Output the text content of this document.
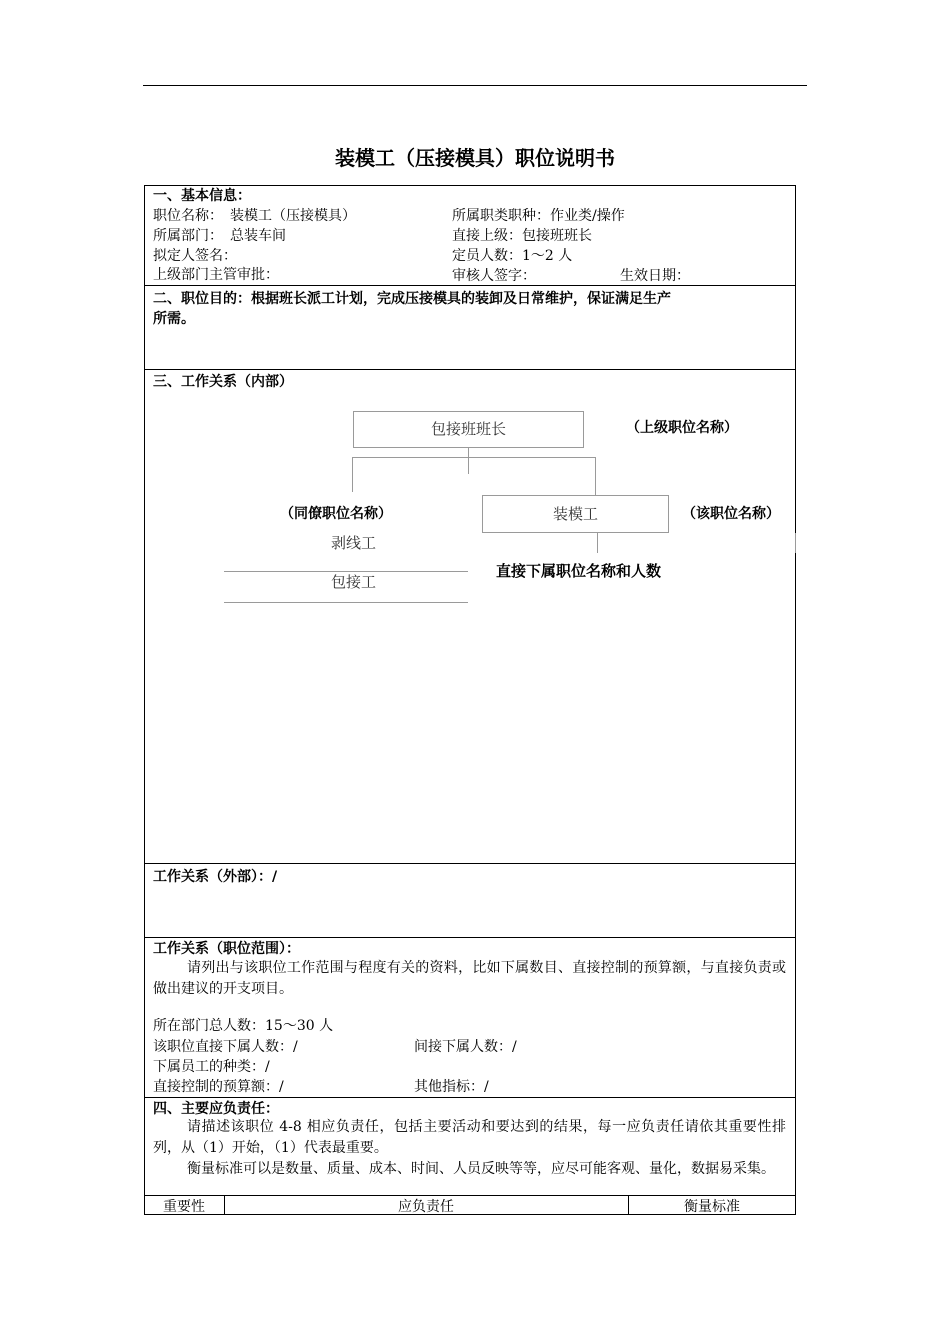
装模工（压接模具）职位说明书
一、基本信息：
职位名称：　装模工（压接模具）	所属职类职种：作业类/操作
所属部门：　总装车间	直接上级：包接班班长
拟定人签名：	定员人数：1～2 人
上级部门主管审批：	审核人签字：	生效日期：
二、职位目的：根据班长派工计划，完成压接模具的装卸及日常维护，保证满足生产
所需。
三、工作关系（内部）
包接班班长	（上级职位名称）
（同僚职位名称）	装模工	（该职位名称）
剥线工
包接工
直接下属职位名称和人数
工作关系（外部）：/
工作关系（职位范围）：
请列出与该职位工作范围与程度有关的资料，比如下属数目、直接控制的预算额，与直接负责或做出建议的开支项目。
所在部门总人数：15～30 人
该职位直接下属人数：/	间接下属人数：/
下属员工的种类：/
直接控制的预算额：/	其他指标：/
四、主要应负责任：
请描述该职位 4-8 相应负责任，包括主要活动和要达到的结果，每一应负责任请依其重要性排列，从（1）开始，（1）代表最重要。
衡量标准可以是数量、质量、成本、时间、人员反映等等，应尽可能客观、量化，数据易采集。
重要性	应负责任	衡量标准
